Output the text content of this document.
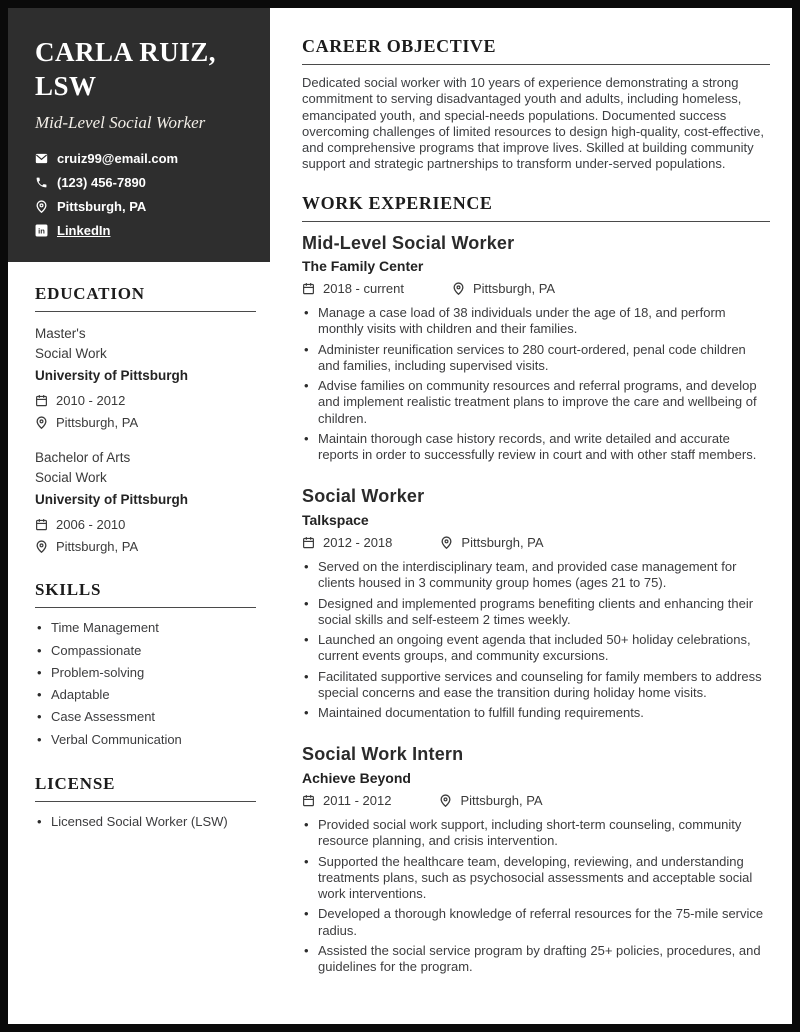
CARLA RUIZ,
LSW
Mid-Level Social Worker
cruiz99@email.com
(123) 456-7890
Pittsburgh, PA
LinkedIn
EDUCATION
Master's
Social Work
University of Pittsburgh
2010 - 2012
Pittsburgh, PA
Bachelor of Arts
Social Work
University of Pittsburgh
2006 - 2010
Pittsburgh, PA
SKILLS
• Time Management
• Compassionate
• Problem-solving
• Adaptable
• Case Assessment
• Verbal Communication
LICENSE
• Licensed Social Worker (LSW)
CAREER OBJECTIVE

Dedicated social worker with 10 years of experience demonstrating a strong commitment to serving disadvantaged youth and adults, including homeless, emancipated youth, and special-needs populations. Documented success overcoming challenges of limited resources to design high-quality, cost-effective, and comprehensive programs that improve lives. Skilled at building community support and strategic partnerships to transform under-served populations.

WORK EXPERIENCE
Mid-Level Social Worker
The Family Center
2018 - current	Pittsburgh, PA
• Manage a case load of 38 individuals under the age of 18, and perform monthly visits with children and their families.
• Administer reunification services to 280 court-ordered, penal code children and families, including supervised visits.
• Advise families on community resources and referral programs, and develop and implement realistic treatment plans to improve the care and wellbeing of children.
• Maintain thorough case history records, and write detailed and accurate reports in order to successfully review in court and with other staff members.
Social Worker
Talkspace
2012 - 2018	Pittsburgh, PA
• Served on the interdisciplinary team, and provided case management for clients housed in 3 community group homes (ages 21 to 75).
• Designed and implemented programs benefiting clients and enhancing their social skills and self-esteem 2 times weekly.
• Launched an ongoing event agenda that included 50+ holiday celebrations, current events groups, and community excursions.
• Facilitated supportive services and counseling for family members to address special concerns and ease the transition during holiday home visits.
• Maintained documentation to fulfill funding requirements.
Social Work Intern
Achieve Beyond
2011 - 2012	Pittsburgh, PA
• Provided social work support, including short-term counseling, community resource planning, and crisis intervention.
• Supported the healthcare team, developing, reviewing, and understanding treatments plans, such as psychosocial assessments and acceptable social work interventions.
• Developed a thorough knowledge of referral resources for the 75-mile service radius.
• Assisted the social service program by drafting 25+ policies, procedures, and guidelines for the program.
